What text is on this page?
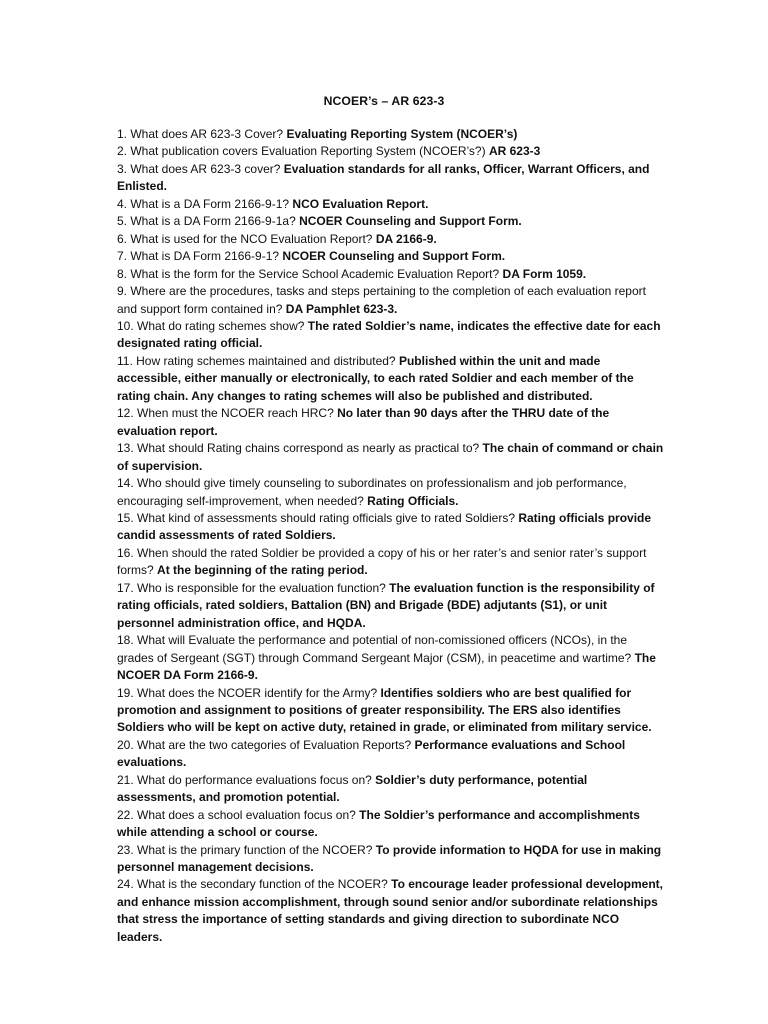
NCOER’s – AR 623-3
1. What does AR 623-3 Cover? Evaluating Reporting System (NCOER’s)
2. What publication covers Evaluation Reporting System (NCOER’s?) AR 623-3
3. What does AR 623-3 cover? Evaluation standards for all ranks, Officer, Warrant Officers, and Enlisted.
4. What is a DA Form 2166-9-1? NCO Evaluation Report.
5. What is a DA Form 2166-9-1a? NCOER Counseling and Support Form.
6. What is used for the NCO Evaluation Report? DA 2166-9.
7. What is DA Form 2166-9-1? NCOER Counseling and Support Form.
8. What is the form for the Service School Academic Evaluation Report? DA Form 1059.
9. Where are the procedures, tasks and steps pertaining to the completion of each evaluation report and support form contained in? DA Pamphlet 623-3.
10. What do rating schemes show? The rated Soldier’s name, indicates the effective date for each designated rating official.
11. How rating schemes maintained and distributed? Published within the unit and made accessible, either manually or electronically, to each rated Soldier and each member of the rating chain. Any changes to rating schemes will also be published and distributed.
12. When must the NCOER reach HRC? No later than 90 days after the THRU date of the evaluation report.
13. What should Rating chains correspond as nearly as practical to? The chain of command or chain of supervision.
14. Who should give timely counseling to subordinates on professionalism and job performance, encouraging self-improvement, when needed? Rating Officials.
15. What kind of assessments should rating officials give to rated Soldiers? Rating officials provide candid assessments of rated Soldiers.
16. When should the rated Soldier be provided a copy of his or her rater’s and senior rater’s support forms? At the beginning of the rating period.
17. Who is responsible for the evaluation function? The evaluation function is the responsibility of rating officials, rated soldiers, Battalion (BN) and Brigade (BDE) adjutants (S1), or unit personnel administration office, and HQDA.
18. What will Evaluate the performance and potential of non-comissioned officers (NCOs), in the grades of Sergeant (SGT) through Command Sergeant Major (CSM), in peacetime and wartime? The NCOER DA Form 2166-9.
19. What does the NCOER identify for the Army? Identifies soldiers who are best qualified for promotion and assignment to positions of greater responsibility. The ERS also identifies Soldiers who will be kept on active duty, retained in grade, or eliminated from military service.
20. What are the two categories of Evaluation Reports? Performance evaluations and School evaluations.
21. What do performance evaluations focus on? Soldier’s duty performance, potential assessments, and promotion potential.
22. What does a school evaluation focus on? The Soldier’s performance and accomplishments while attending a school or course.
23. What is the primary function of the NCOER? To provide information to HQDA for use in making personnel management decisions.
24. What is the secondary function of the NCOER? To encourage leader professional development, and enhance mission accomplishment, through sound senior and/or subordinate relationships that stress the importance of setting standards and giving direction to subordinate NCO leaders.
